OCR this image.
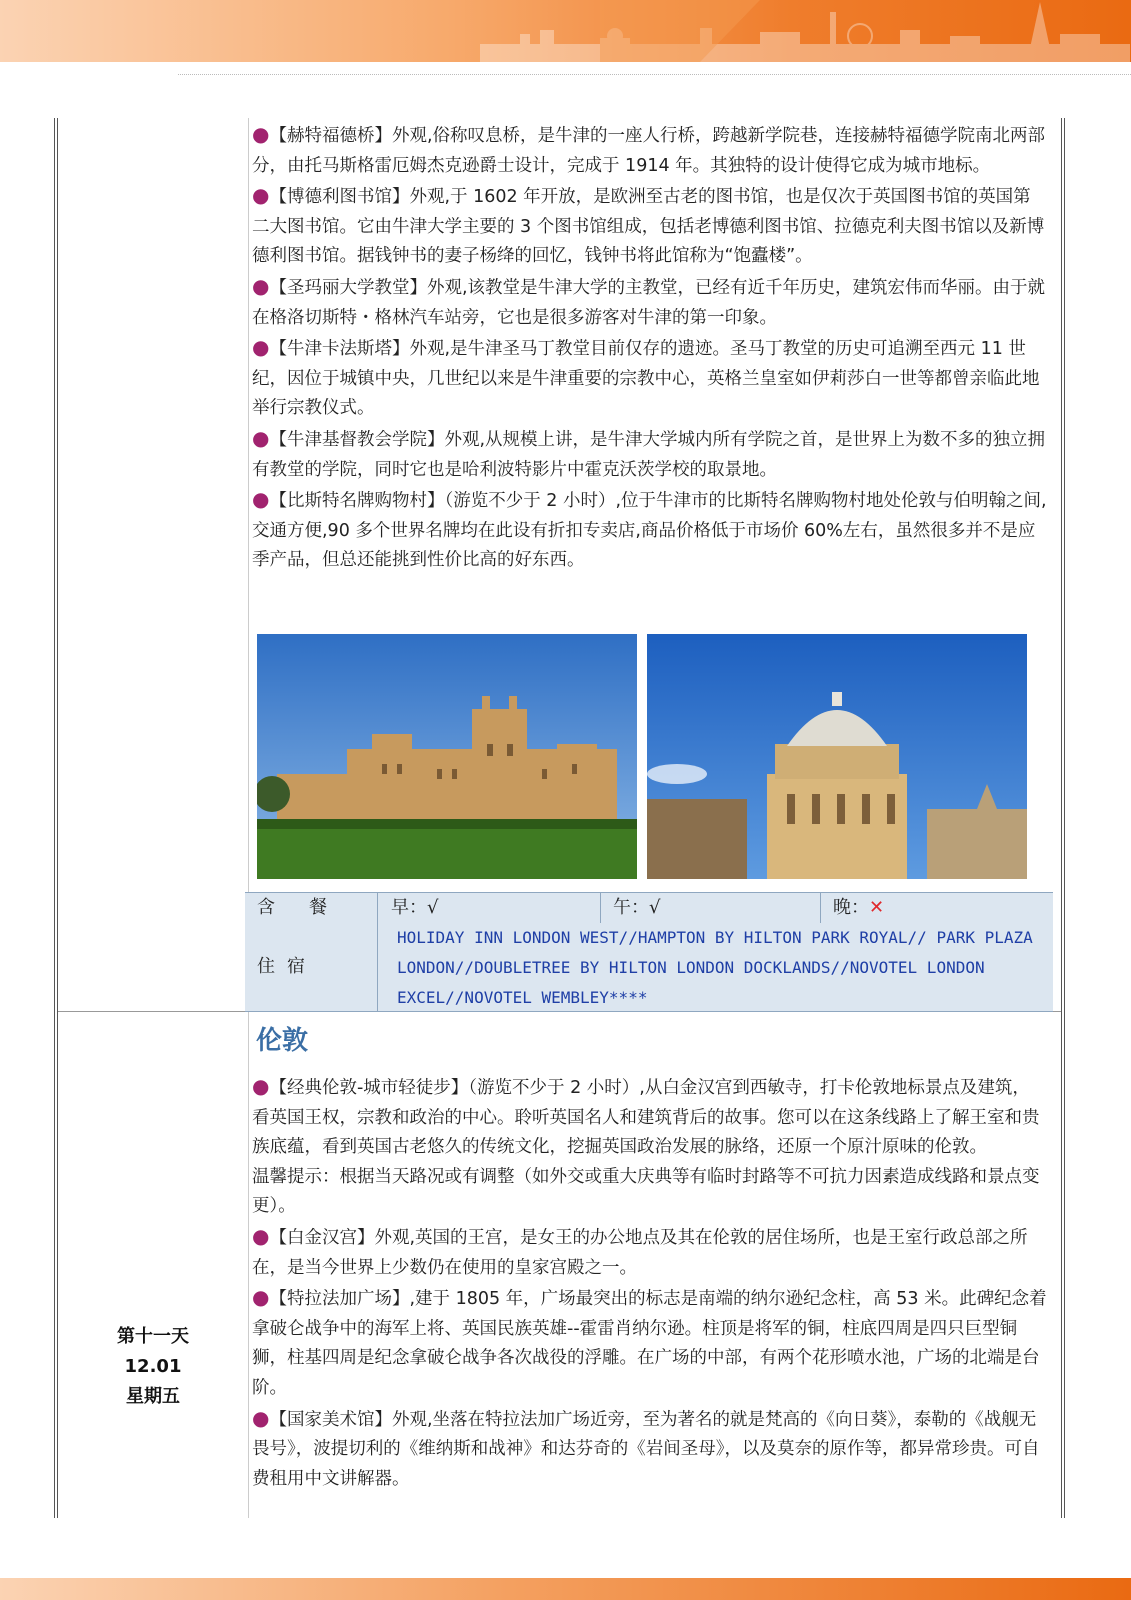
第十一天
12.01
星期五

●【赫特福德桥】外观,俗称叹息桥，是牛津的一座人行桥，跨越新学院巷，连接赫特福德学院南北两部分，由托马斯格雷厄姆杰克逊爵士设计，完成于 1914 年。其独特的设计使得它成为城市地标。

●【博德利图书馆】外观,于 1602 年开放，是欧洲至古老的图书馆，也是仅次于英国图书馆的英国第二大图书馆。它由牛津大学主要的 3 个图书馆组成，包括老博德利图书馆、拉德克利夫图书馆以及新博德利图书馆。据钱钟书的妻子杨绛的回忆，钱钟书将此馆称为“饱蠹楼”。

●【圣玛丽大学教堂】外观,该教堂是牛津大学的主教堂，已经有近千年历史，建筑宏伟而华丽。由于就在格洛切斯特・格林汽车站旁，它也是很多游客对牛津的第一印象。

●【牛津卡法斯塔】外观,是牛津圣马丁教堂目前仅存的遗迹。圣马丁教堂的历史可追溯至西元 11 世纪，因位于城镇中央，几世纪以来是牛津重要的宗教中心，英格兰皇室如伊莉莎白一世等都曾亲临此地举行宗教仪式。

●【牛津基督教会学院】外观,从规模上讲，是牛津大学城内所有学院之首，是世界上为数不多的独立拥有教堂的学院，同时它也是哈利波特影片中霍克沃茨学校的取景地。

●【比斯特名牌购物村】（游览不少于 2 小时）,位于牛津市的比斯特名牌购物村地处伦敦与伯明翰之间,交通方便,90 多个世界名牌均在此设有折扣专卖店,商品价格低于市场价 60%左右，虽然很多并不是应季产品，但总还能挑到性价比高的好东西。

含　餐	早：√	午：√	晚：✕
住宿
HOLIDAY INN LONDON WEST//HAMPTON BY HILTON PARK ROYAL// PARK PLAZA LONDON//DOUBLETREE BY HILTON LONDON DOCKLANDS//NOVOTEL LONDON EXCEL//NOVOTEL WEMBLEY****
伦敦

●【经典伦敦-城市轻徒步】（游览不少于 2 小时）,从白金汉宫到西敏寺，打卡伦敦地标景点及建筑，看英国王权，宗教和政治的中心。聆听英国名人和建筑背后的故事。您可以在这条线路上了解王室和贵族底蕴，看到英国古老悠久的传统文化，挖掘英国政治发展的脉络，还原一个原汁原味的伦敦。

温馨提示：根据当天路况或有调整（如外交或重大庆典等有临时封路等不可抗力因素造成线路和景点变更）。

●【白金汉宫】外观,英国的王宫，是女王的办公地点及其在伦敦的居住场所，也是王室行政总部之所在，是当今世界上少数仍在使用的皇家宫殿之一。

●【特拉法加广场】,建于 1805 年，广场最突出的标志是南端的纳尔逊纪念柱，高 53 米。此碑纪念着拿破仑战争中的海军上将、英国民族英雄--霍雷肖纳尔逊。柱顶是将军的铜，柱底四周是四只巨型铜狮，柱基四周是纪念拿破仑战争各次战役的浮雕。在广场的中部，有两个花形喷水池，广场的北端是台阶。

●【国家美术馆】外观,坐落在特拉法加广场近旁，至为著名的就是梵高的《向日葵》，泰勒的《战舰无畏号》，波提切利的《维纳斯和战神》和达芬奇的《岩间圣母》，以及莫奈的原作等，都异常珍贵。可自费租用中文讲解器。
